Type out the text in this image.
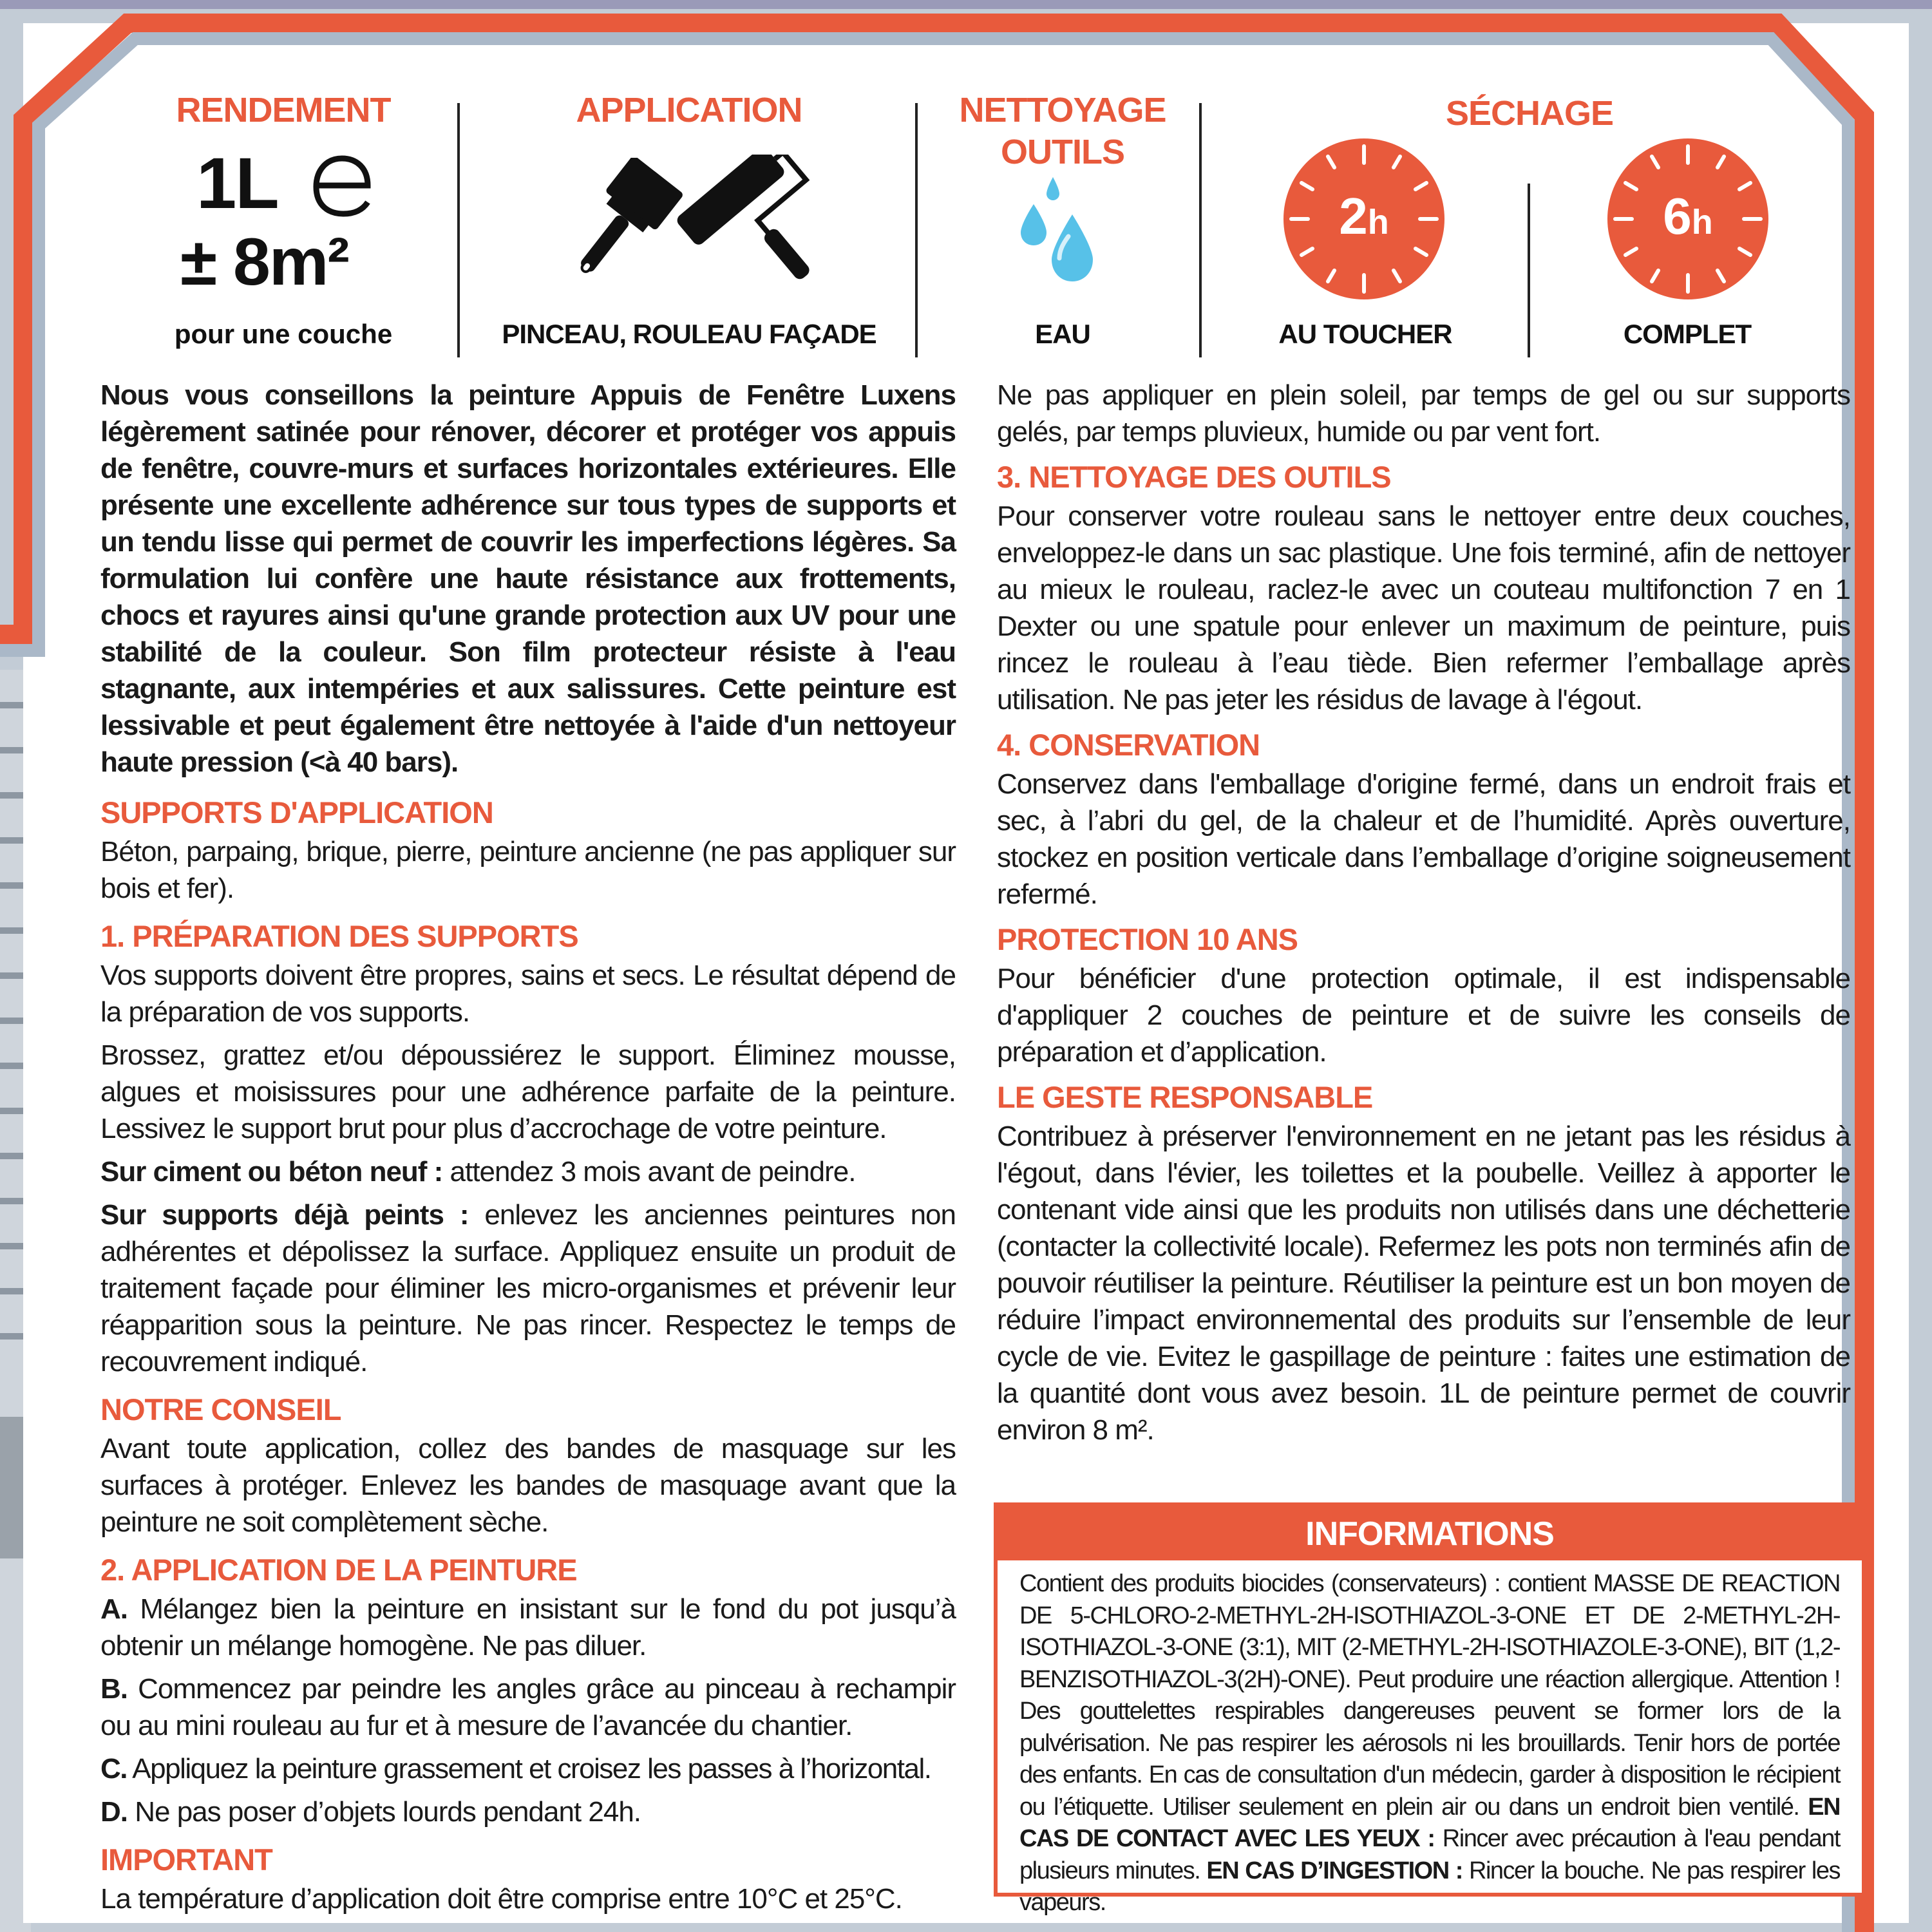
RENDEMENT
1L
± 8m²
pour une couche
APPLICATION
PINCEAU, ROULEAU FAÇADE
NETTOYAGE
OUTILS
EAU
SÉCHAGE
2h
AU TOUCHER
6h
COMPLET

Nous vous conseillons la peinture Appuis de Fenêtre Luxens légèrement satinée pour rénover, décorer et protéger vos appuis de fenêtre, couvre-murs et surfaces horizontales extérieures. Elle présente une excellente adhérence sur tous types de supports et un tendu lisse qui permet de couvrir les imperfections légères. Sa formulation lui confère une haute résistance aux frottements, chocs et rayures ainsi qu'une grande protection aux UV pour une stabilité de la couleur. Son film protecteur résiste à l'eau stagnante, aux intempéries et aux salissures. Cette peinture est lessivable et peut également être nettoyée à l'aide d'un nettoyeur haute pression (<à 40 bars).

SUPPORTS D'APPLICATION

Béton, parpaing, brique, pierre, peinture ancienne (ne pas appliquer sur bois et fer).

1. PRÉPARATION DES SUPPORTS

Vos supports doivent être propres, sains et secs. Le résultat dépend de la préparation de vos supports.

Brossez, grattez et/ou dépoussiérez le support. Éliminez mousse, algues et moisissures pour une adhérence parfaite de la peinture. Lessivez le support brut pour plus d’accrochage de votre peinture.

Sur ciment ou béton neuf : attendez 3 mois avant de peindre.

Sur supports déjà peints : enlevez les anciennes peintures non adhérentes et dépolissez la surface. Appliquez ensuite un produit de traitement façade pour éliminer les micro-organismes et prévenir leur réapparition sous la peinture. Ne pas rincer. Respectez le temps de recouvrement indiqué.

NOTRE CONSEIL

Avant toute application, collez des bandes de masquage sur les surfaces à protéger. Enlevez les bandes de masquage avant que la peinture ne soit complètement sèche.

2. APPLICATION DE LA PEINTURE

A. Mélangez bien la peinture en insistant sur le fond du pot jusqu’à obtenir un mélange homogène. Ne pas diluer.

B. Commencez par peindre les angles grâce au pinceau à rechampir ou au mini rouleau au fur et à mesure de l’avancée du chantier.

C. Appliquez la peinture grassement et croisez les passes à l’horizontal.

D. Ne pas poser d’objets lourds pendant 24h.

IMPORTANT

La température d’application doit être comprise entre 10°C et 25°C.

Ne pas appliquer en plein soleil, par temps de gel ou sur supports gelés, par temps pluvieux, humide ou par vent fort.

3. NETTOYAGE DES OUTILS

Pour conserver votre rouleau sans le nettoyer entre deux couches, enveloppez-le dans un sac plastique. Une fois terminé, afin de nettoyer au mieux le rouleau, raclez-le avec un couteau multifonction 7 en 1 Dexter ou une spatule pour enlever un maximum de peinture, puis rincez le rouleau à l’eau tiède. Bien refermer l’emballage après utilisation. Ne pas jeter les résidus de lavage à l'égout.

4. CONSERVATION

Conservez dans l'emballage d'origine fermé, dans un endroit frais et sec, à l’abri du gel, de la chaleur et de l’humidité. Après ouverture, stockez en position verticale dans l’emballage d’origine soigneusement refermé.

PROTECTION 10 ANS

Pour bénéficier d'une protection optimale, il est indispensable d'appliquer 2 couches de peinture et de suivre les conseils de préparation et d’application.

LE GESTE RESPONSABLE

Contribuez à préserver l'environnement en ne jetant pas les résidus à l'égout, dans l'évier, les toilettes et la poubelle. Veillez à apporter le contenant vide ainsi que les produits non utilisés dans une déchetterie (contacter la collectivité locale). Refermez les pots non terminés afin de pouvoir réutiliser la peinture. Réutiliser la peinture est un bon moyen de réduire l’impact environnemental des produits sur l’ensemble de leur cycle de vie. Evitez le gaspillage de peinture : faites une estimation de la quantité dont vous avez besoin. 1L de peinture permet de couvrir environ 8 m².

INFORMATIONS
Contient des produits biocides (conservateurs) : contient MASSE DE REACTION DE 5-CHLORO-2-METHYL-2H-ISOTHIAZOL-3-ONE ET DE 2-METHYL-2H-ISOTHIAZOL-3-ONE (3:1), MIT (2-METHYL-2H-ISOTHIAZOLE-3-ONE), BIT (1,2-BENZISOTHIAZOL-3(2H)-ONE). Peut produire une réaction allergique. Attention ! Des gouttelettes respirables dangereuses peuvent se former lors de la pulvérisation. Ne pas respirer les aérosols ni les brouillards. Tenir hors de portée des enfants. En cas de consultation d'un médecin, garder à disposition le récipient ou l’étiquette. Utiliser seulement en plein air ou dans un endroit bien ventilé. EN CAS DE CONTACT AVEC LES YEUX : Rincer avec précaution à l'eau pendant plusieurs minutes. EN CAS D’INGESTION : Rincer la bouche. Ne pas respirer les vapeurs.
